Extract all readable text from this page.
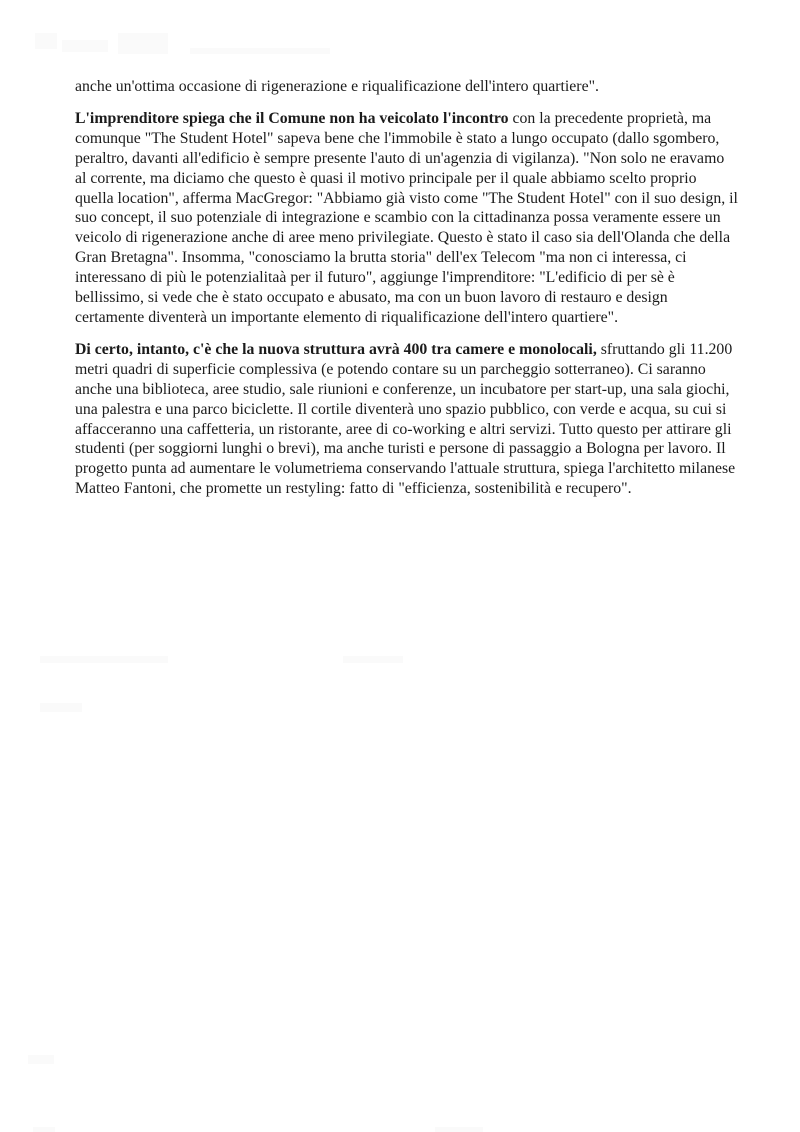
anche un'ottima occasione di rigenerazione e riqualificazione dell'intero quartiere".

L'imprenditore spiega che il Comune non ha veicolato l'incontro con la precedente proprietà, ma comunque "The Student Hotel" sapeva bene che l'immobile è stato a lungo occupato (dallo sgombero, peraltro, davanti all'edificio è sempre presente l'auto di un'agenzia di vigilanza). "Non solo ne eravamo al corrente, ma diciamo che questo è quasi il motivo principale per il quale abbiamo scelto proprio quella location", afferma MacGregor: "Abbiamo già visto come "The Student Hotel" con il suo design, il suo concept, il suo potenziale di integrazione e scambio con la cittadinanza possa veramente essere un veicolo di rigenerazione anche di aree meno privilegiate. Questo è stato il caso sia dell'Olanda che della Gran Bretagna". Insomma, "conosciamo la brutta storia" dell'ex Telecom "ma non ci interessa, ci interessano di più le potenzialitaà per il futuro", aggiunge l'imprenditore: "L'edificio di per sè è bellissimo, si vede che è stato occupato e abusato, ma con un buon lavoro di restauro e design certamente diventerà un importante elemento di riqualificazione dell'intero quartiere".

Di certo, intanto, c'è che la nuova struttura avrà 400 tra camere e monolocali, sfruttando gli 11.200 metri quadri di superficie complessiva (e potendo contare su un parcheggio sotterraneo). Ci saranno anche una biblioteca, aree studio, sale riunioni e conferenze, un incubatore per start-up, una sala giochi, una palestra e una parco biciclette. Il cortile diventerà uno spazio pubblico, con verde e acqua, su cui si affacceranno una caffetteria, un ristorante, aree di co-working e altri servizi. Tutto questo per attirare gli studenti (per soggiorni lunghi o brevi), ma anche turisti e persone di passaggio a Bologna per lavoro. Il progetto punta ad aumentare le volumetriema conservando l'attuale struttura, spiega l'architetto milanese Matteo Fantoni, che promette un restyling: fatto di "efficienza, sostenibilità e recupero".
